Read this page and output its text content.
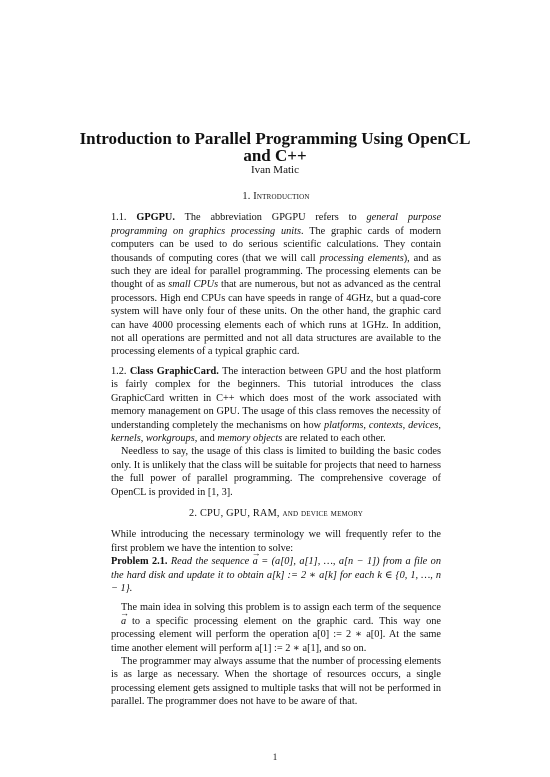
Introduction to Parallel Programming Using OpenCL
and C++
Ivan Matic
1. Introduction

1.1. GPGPU. The abbreviation GPGPU refers to general purpose programming on graphics processing units. The graphic cards of modern computers can be used to do serious scientific calculations. They contain thousands of computing cores (that we will call processing elements), and as such they are ideal for parallel programming. The processing elements can be thought of as small CPUs that are numerous, but not as advanced as the central processors. High end CPUs can have speeds in range of 4GHz, but a quad-core system will have only four of these units. On the other hand, the graphic card can have 4000 processing elements each of which runs at 1GHz. In addition, not all operations are permitted and not all data structures are available to the processing elements of a typical graphic card.

1.2. Class GraphicCard. The interaction between GPU and the host platform is fairly complex for the beginners. This tutorial introduces the class GraphicCard written in C++ which does most of the work associated with memory management on GPU. The usage of this class removes the necessity of understanding completely the mechanisms on how platforms, contexts, devices, kernels, workgroups, and memory objects are related to each other.

Needless to say, the usage of this class is limited to building the basic codes only. It is unlikely that the class will be suitable for projects that need to harness the full power of parallel programming. The comprehensive coverage of OpenCL is provided in [1, 3].

2. CPU, GPU, RAM, and device memory

While introducing the necessary terminology we will frequently refer to the first problem we have the intention to solve:

Problem 2.1. Read the sequence → a = (a[0], a[1], …, a[n − 1]) from a file on the hard disk and update it to obtain a[k] := 2 ∗ a[k] for each k ∈ {0, 1, …, n − 1}.

The main idea in solving this problem is to assign each term of the sequence → a to a specific processing element on the graphic card. This way one processing element will perform the operation a[0] := 2 ∗ a[0]. At the same time another element will perform a[1] := 2 ∗ a[1], and so on.

The programmer may always assume that the number of processing elements is as large as necessary. When the shortage of resources occurs, a single processing element gets assigned to multiple tasks that will not be performed in parallel. The programmer does not have to be aware of that.

1
